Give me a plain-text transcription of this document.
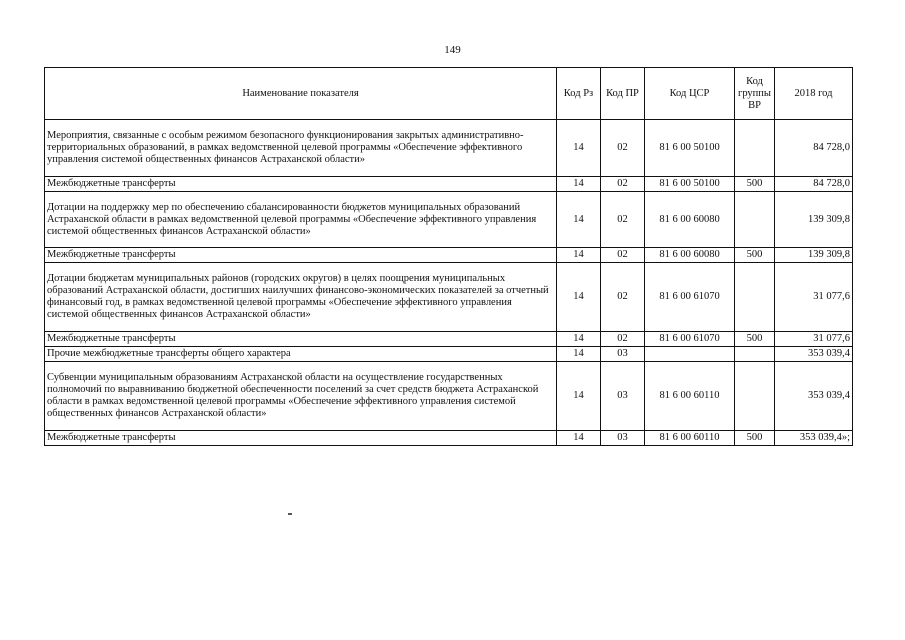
149
Наименование показателя	Код Рз	Код ПР	Код ЦСР	Код группы ВР	2018 год
Мероприятия, связанные с особым режимом безопасного функционирования закрытых административно-территориальных образований, в рамках ведомственной целевой программы «Обеспечение эффективного управления системой общественных финансов Астраханской области»	14	02	81 6 00 50100		84 728,0
Межбюджетные трансферты	14	02	81 6 00 50100	500	84 728,0
Дотации на поддержку мер по обеспечению сбалансированности бюджетов муниципальных образований Астраханской области в рамках ведомственной целевой программы «Обеспечение эффективного управления системой общественных финансов Астраханской области»	14	02	81 6 00 60080		139 309,8
Межбюджетные трансферты	14	02	81 6 00 60080	500	139 309,8
Дотации бюджетам муниципальных районов (городских округов) в целях поощрения муниципальных образований Астраханской области, достигших наилучших финансово-экономических показателей за отчетный финансовый год, в рамках ведомственной целевой программы «Обеспечение эффективного управления системой общественных финансов Астраханской области»	14	02	81 6 00 61070		31 077,6
Межбюджетные трансферты	14	02	81 6 00 61070	500	31 077,6
Прочие межбюджетные трансферты общего характера	14	03			353 039,4
Субвенции муниципальным образованиям Астраханской области на осуществление государственных полномочий по выравниванию бюджетной обеспеченности поселений за счет средств бюджета Астраханской области в рамках ведомственной целевой программы «Обеспечение эффективного управления системой общественных финансов Астраханской области»	14	03	81 6 00 60110		353 039,4
Межбюджетные трансферты	14	03	81 6 00 60110	500	353 039,4»;
